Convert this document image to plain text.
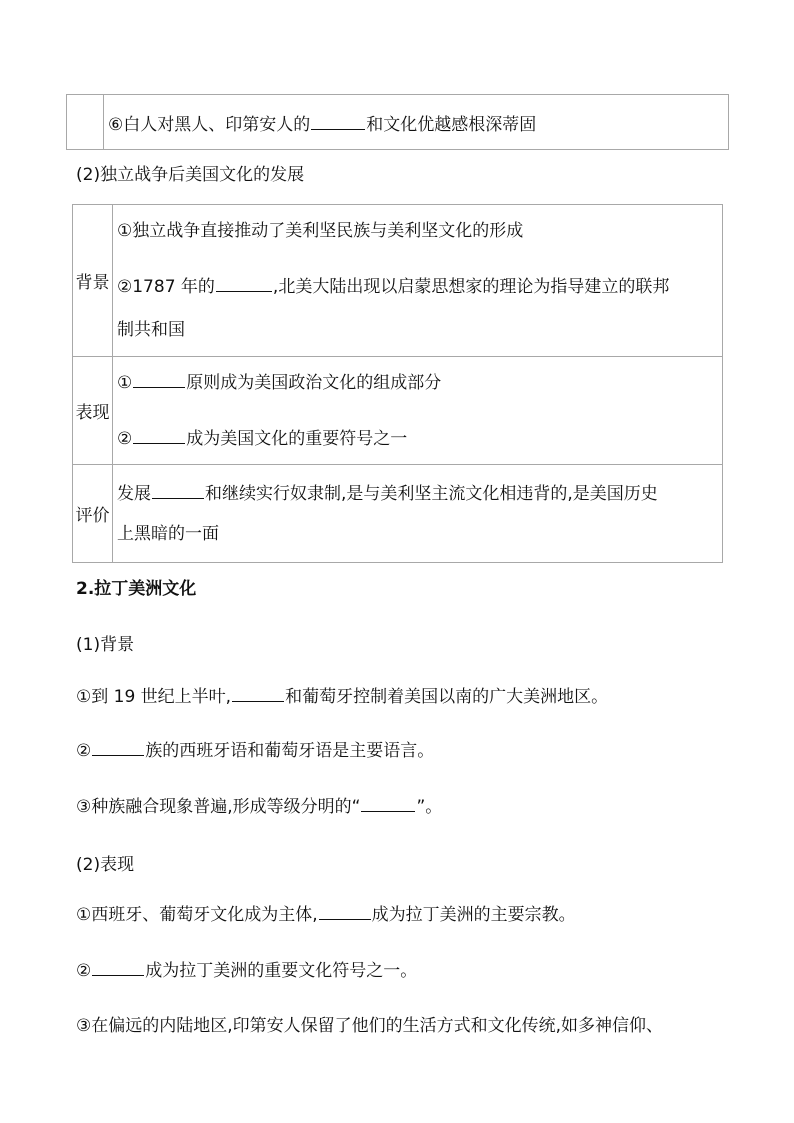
	⑥白人对黑人、印第安人的	和文化优越感根深蒂固
(2)独立战争后美国文化的发展
背景	①独立战争直接推动了美利坚民族与美利坚文化的形成
②1787 年的 ,北美大陆出现以启蒙思想家的理论为指导建立的联邦
制共和国

表现	① 原则成为美国政治文化的组成部分
② 成为美国文化的重要符号之一

评价	发展 和继续实行奴隶制,是与美利坚主流文化相违背的,是美国历史
上黑暗的一面
2.拉丁美洲文化
(1)背景
①到 19 世纪上半叶,	和葡萄牙控制着美国以南的广大美洲地区。
②	族的西班牙语和葡萄牙语是主要语言。
③种族融合现象普遍,形成等级分明的“	”。
(2)表现
①西班牙、葡萄牙文化成为主体,	成为拉丁美洲的主要宗教。
②	成为拉丁美洲的重要文化符号之一。
③在偏远的内陆地区,印第安人保留了他们的生活方式和文化传统,如多神信仰、
